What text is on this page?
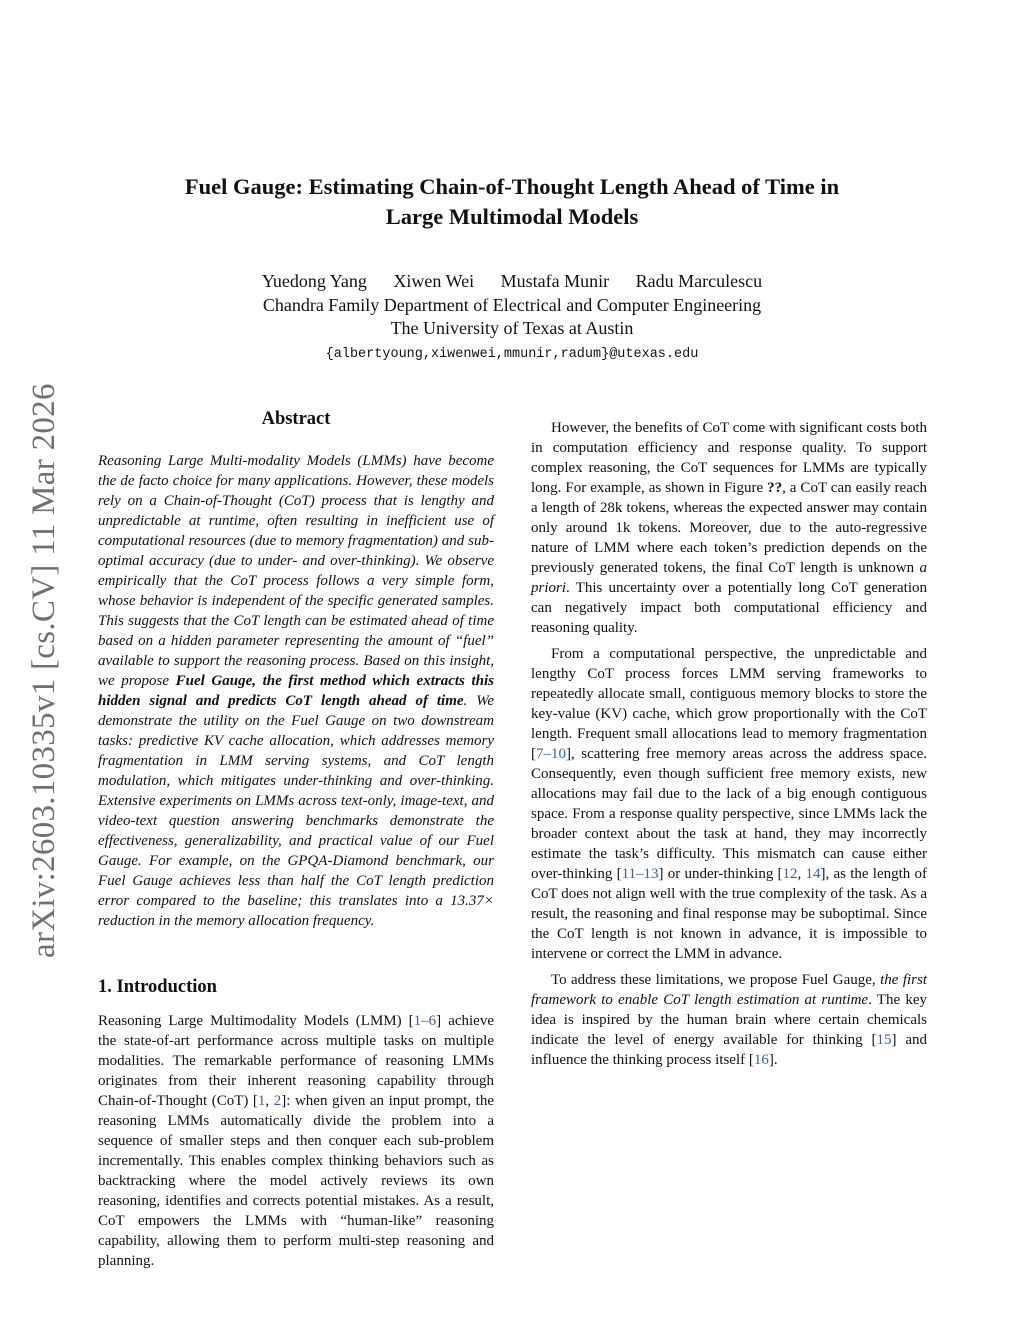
arXiv:2603.10335v1 [cs.CV] 11 Mar 2026
Fuel Gauge: Estimating Chain-of-Thought Length Ahead of Time in
Large Multimodal Models
Yuedong Yang Xiwen Wei Mustafa Munir Radu Marculescu
Chandra Family Department of Electrical and Computer Engineering
The University of Texas at Austin
{albertyoung,xiwenwei,mmunir,radum}@utexas.edu
Abstract

Reasoning Large Multi-modality Models (LMMs) have become the de facto choice for many applications. However, these models rely on a Chain-of-Thought (CoT) process that is lengthy and unpredictable at runtime, often resulting in inefficient use of computational resources (due to memory fragmentation) and sub-optimal accuracy (due to under- and over-thinking). We observe empirically that the CoT process follows a very simple form, whose behavior is independent of the specific generated samples. This suggests that the CoT length can be estimated ahead of time based on a hidden parameter representing the amount of “fuel” available to support the reasoning process. Based on this insight, we propose Fuel Gauge, the first method which extracts this hidden signal and predicts CoT length ahead of time. We demonstrate the utility on the Fuel Gauge on two downstream tasks: predictive KV cache allocation, which addresses memory fragmentation in LMM serving systems, and CoT length modulation, which mitigates under-thinking and over-thinking. Extensive experiments on LMMs across text-only, image-text, and video-text question answering benchmarks demonstrate the effectiveness, generalizability, and practical value of our Fuel Gauge. For example, on the GPQA-Diamond benchmark, our Fuel Gauge achieves less than half the CoT length prediction error compared to the baseline; this translates into a 13.37× reduction in the memory allocation frequency.

1. Introduction

Reasoning Large Multimodality Models (LMM) [1–6] achieve the state-of-art performance across multiple tasks on multiple modalities. The remarkable performance of reasoning LMMs originates from their inherent reasoning capability through Chain-of-Thought (CoT) [1, 2]: when given an input prompt, the reasoning LMMs automatically divide the problem into a sequence of smaller steps and then conquer each sub-problem incrementally. This enables complex thinking behaviors such as backtracking where the model actively reviews its own reasoning, identifies and corrects potential mistakes. As a result, CoT empowers the LMMs with “human-like” reasoning capability, allowing them to perform multi-step reasoning and planning.

However, the benefits of CoT come with significant costs both in computation efficiency and response quality. To support complex reasoning, the CoT sequences for LMMs are typically long. For example, as shown in Figure ??, a CoT can easily reach a length of 28k tokens, whereas the expected answer may contain only around 1k tokens. Moreover, due to the auto-regressive nature of LMM where each token’s prediction depends on the previously generated tokens, the final CoT length is unknown a priori. This uncertainty over a potentially long CoT generation can negatively impact both computational efficiency and reasoning quality.

From a computational perspective, the unpredictable and lengthy CoT process forces LMM serving frameworks to repeatedly allocate small, contiguous memory blocks to store the key-value (KV) cache, which grow proportionally with the CoT length. Frequent small allocations lead to memory fragmentation [7–10], scattering free memory areas across the address space. Consequently, even though sufficient free memory exists, new allocations may fail due to the lack of a big enough contiguous space. From a response quality perspective, since LMMs lack the broader context about the task at hand, they may incorrectly estimate the task’s difficulty. This mismatch can cause either over-thinking [11–13] or under-thinking [12, 14], as the length of CoT does not align well with the true complexity of the task. As a result, the reasoning and final response may be suboptimal. Since the CoT length is not known in advance, it is impossible to intervene or correct the LMM in advance.

To address these limitations, we propose Fuel Gauge, the first framework to enable CoT length estimation at runtime. The key idea is inspired by the human brain where certain chemicals indicate the level of energy available for thinking [15] and influence the thinking process itself [16].
